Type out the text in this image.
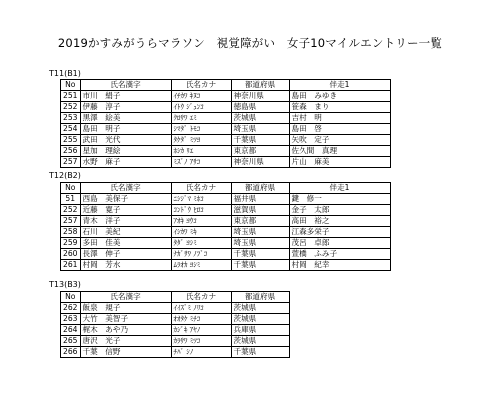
2019かすみがうらマラソン　視覚障がい　女子10マイルエントリー一覧
T11(B1)
No	氏名漢字	氏名カナ	都道府県	伴走1
251	市川　絹子	ｲﾁｶﾜ ｷﾇｺ	神奈川県	島田　みゆき
252	伊藤　淳子	ｲﾄｳ ｼﾞｭﾝｺ	徳島県	笹森　まり
253	黒澤　絵美	ｸﾛｻﾜ ｴﾐ	茨城県	吉村　明
254	島田　明子	ｼﾏﾀﾞ ﾄﾓｺ	埼玉県	島田　啓
255	武田　光代	ﾀｹﾀﾞ ﾐﾂﾖ	千葉県	矢吹　定子
256	星加　理絵	ﾎｼｶ ﾘｴ	東京都	佐久間　真理
257	水野　麻子	ﾐｽﾞﾉ ｱｻｺ	神奈川県	片山　麻美
T12(B2)
No	氏名漢字	氏名カナ	都道府県	伴走1
51	西島　美保子	ﾆｼｼﾞﾏ ﾐﾎｺ	福井県	鍵　修一
252	近藤　寛子	ｺﾝﾄﾞｳ ﾋﾛｺ	滋賀県	金子　太郎
257	青木　洋子	ｱｵｷ ﾖｳｺ	東京都	高田　裕之
258	石川　美紀	ｲｼｶﾜ ﾐｷ	埼玉県	江森多栄子
259	多田　佳美	ﾀﾀﾞ ﾖｼﾐ	埼玉県	茂呂　卓郎
260	長澤　伸子	ﾅｶﾞｻﾜ ﾉﾌﾞｺ	千葉県	萱橋　ふみ子
261	村岡　芳水	ﾑﾗｵｶ ﾖｼﾐ	千葉県	村岡　紀幸
T13(B3)
No	氏名漢字	氏名カナ	都道府県	
262	飯泉　規子	ｲｲｽﾞﾐ ﾉﾘｺ	茨城県	
263	大竹　美智子	ｵｵﾀｹ ﾐﾁｺ	茨城県	
264	梶木　あや乃	ｶｼﾞｷ ｱﾔﾉ	兵庫県	
265	唐沢　光子	ｶﾗｻﾜ ﾐﾂｺ	茨城県	
266	千葉　信野	ﾁﾊﾞ ｼﾉ	千葉県	
